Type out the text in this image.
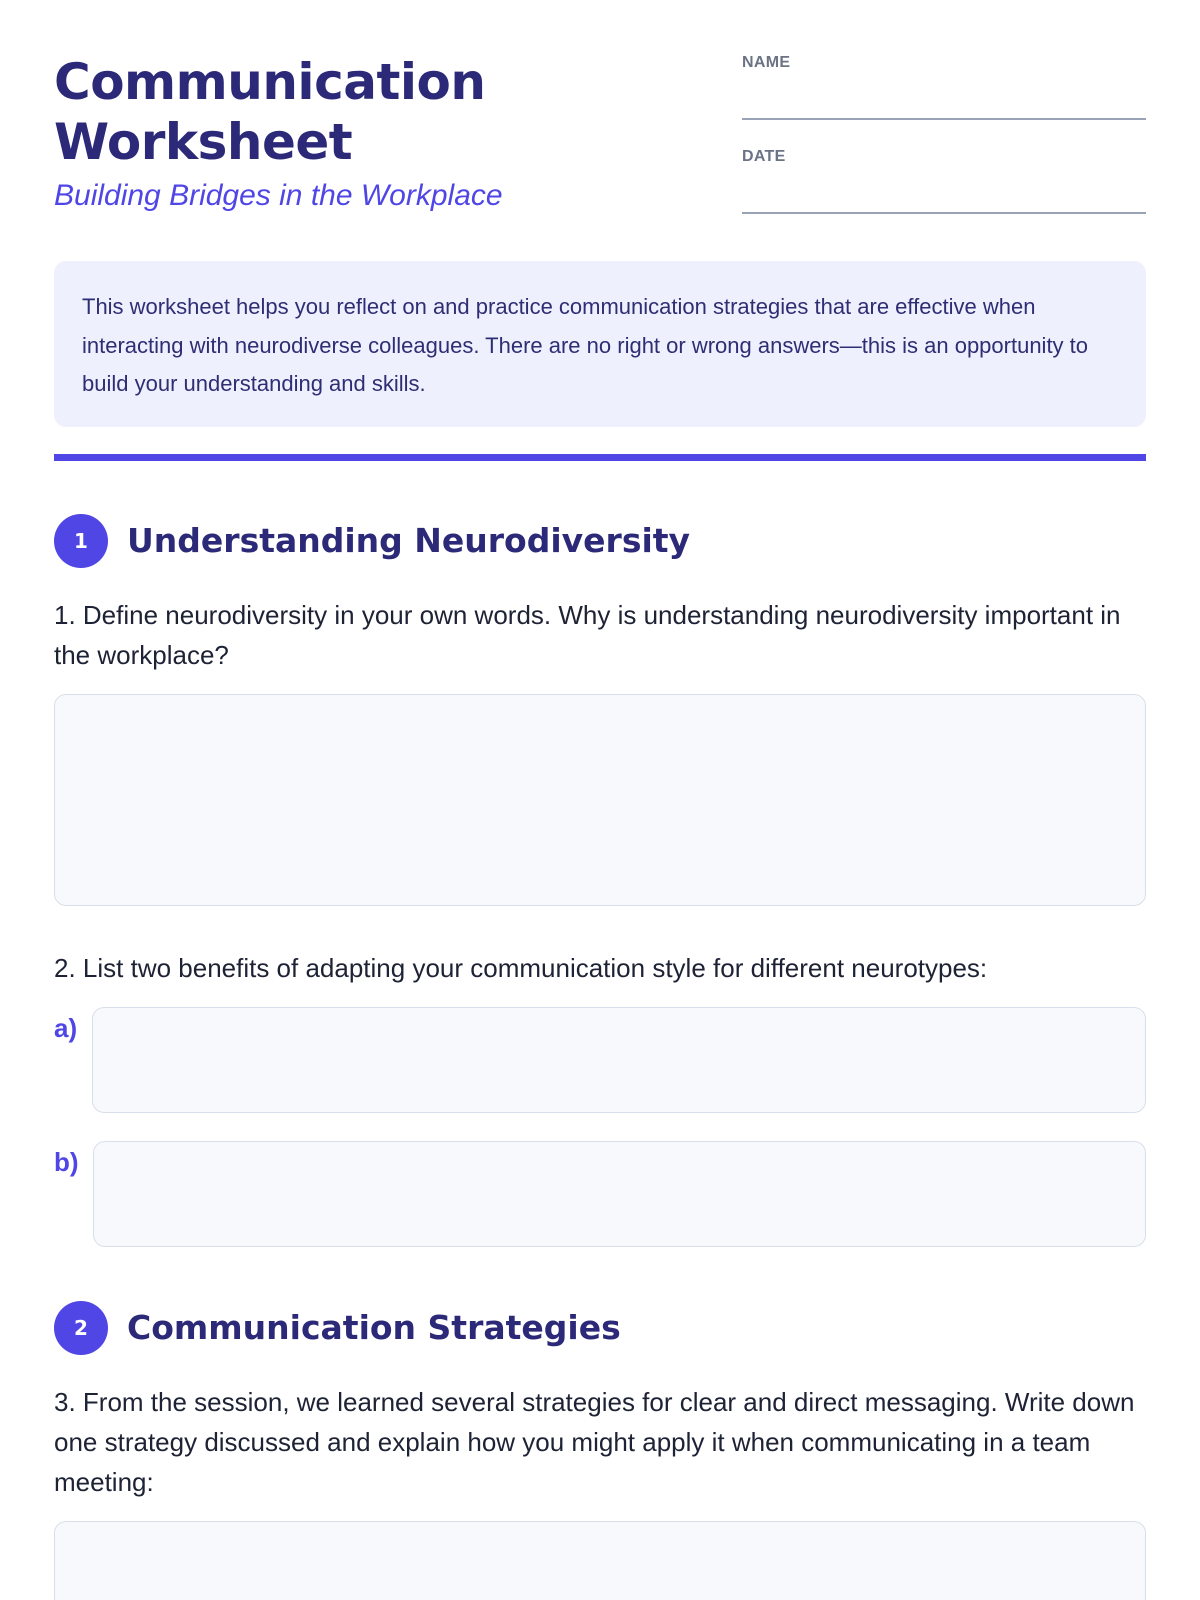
Communication Worksheet

Building Bridges in the Workplace

NAME
DATE
This worksheet helps you reflect on and practice communication strategies that are effective when interacting with neurodiverse colleagues. There are no right or wrong answers—this is an opportunity to build your understanding and skills.
1	Understanding Neurodiversity

1. Define neurodiversity in your own words. Why is understanding neurodiversity important in the workplace?

2. List two benefits of adapting your communication style for different neurotypes:

a)
b)
2	Communication Strategies

3. From the session, we learned several strategies for clear and direct messaging. Write down one strategy discussed and explain how you might apply it when communicating in a team meeting:
